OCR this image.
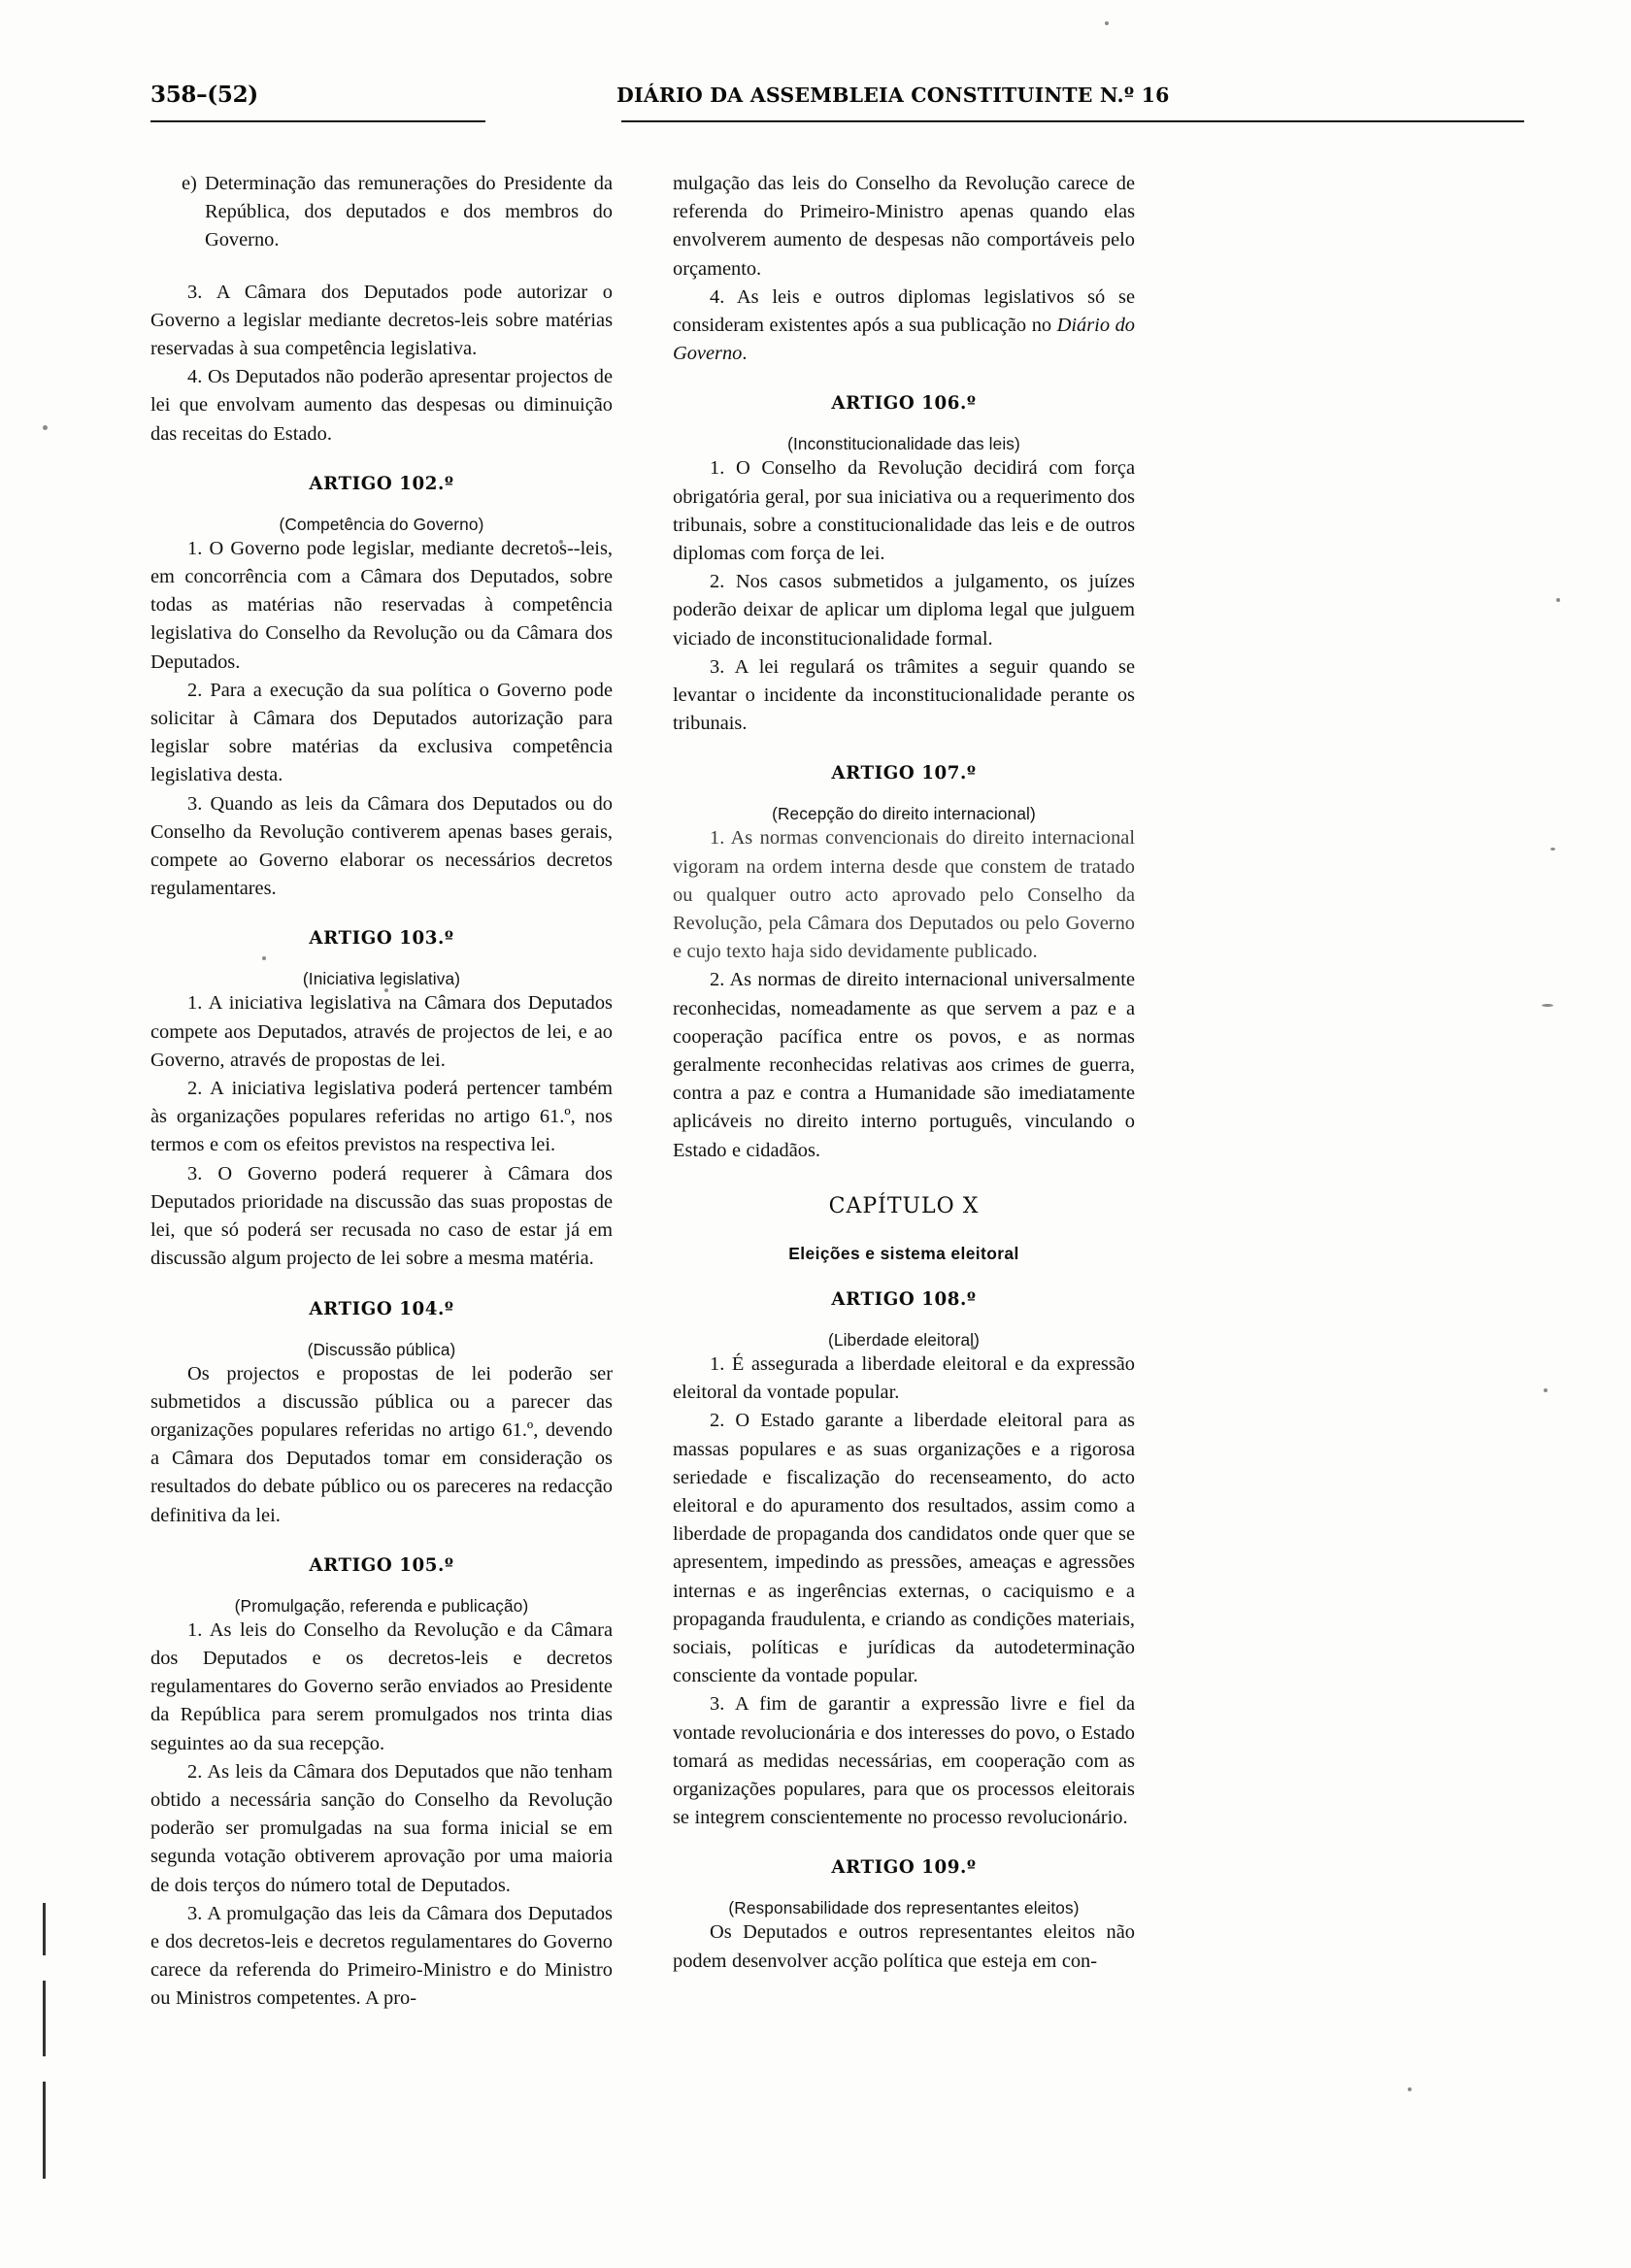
358–(52)	DIÁRIO DA ASSEMBLEIA CONSTITUINTE N.º 16

e) Determinação das remunerações do Presidente da República, dos deputados e dos membros do Governo.

3. A Câmara dos Deputados pode autorizar o Governo a legislar mediante decretos-leis sobre matérias reservadas à sua competência legislativa.

4. Os Deputados não poderão apresentar projectos de lei que envolvam aumento das despesas ou diminuição das receitas do Estado.

ARTIGO 102.º
(Competência do Governo)

1. O Governo pode legislar, mediante decretos--leis, em concorrência com a Câmara dos Deputados, sobre todas as matérias não reservadas à competência legislativa do Conselho da Revolução ou da Câmara dos Deputados.

2. Para a execução da sua política o Governo pode solicitar à Câmara dos Deputados autorização para legislar sobre matérias da exclusiva competência legislativa desta.

3. Quando as leis da Câmara dos Deputados ou do Conselho da Revolução contiverem apenas bases gerais, compete ao Governo elaborar os necessários decretos regulamentares.

ARTIGO 103.º
(Iniciativa legislativa)

1. A iniciativa legislativa na Câmara dos Deputados compete aos Deputados, através de projectos de lei, e ao Governo, através de propostas de lei.

2. A iniciativa legislativa poderá pertencer também às organizações populares referidas no artigo 61.º, nos termos e com os efeitos previstos na respectiva lei.

3. O Governo poderá requerer à Câmara dos Deputados prioridade na discussão das suas propostas de lei, que só poderá ser recusada no caso de estar já em discussão algum projecto de lei sobre a mesma matéria.

ARTIGO 104.º
(Discussão pública)

Os projectos e propostas de lei poderão ser submetidos a discussão pública ou a parecer das organizações populares referidas no artigo 61.º, devendo a Câmara dos Deputados tomar em consideração os resultados do debate público ou os pareceres na redacção definitiva da lei.

ARTIGO 105.º
(Promulgação, referenda e publicação)

1. As leis do Conselho da Revolução e da Câmara dos Deputados e os decretos-leis e decretos regulamentares do Governo serão enviados ao Presidente da República para serem promulgados nos trinta dias seguintes ao da sua recepção.

2. As leis da Câmara dos Deputados que não tenham obtido a necessária sanção do Conselho da Revolução poderão ser promulgadas na sua forma inicial se em segunda votação obtiverem aprovação por uma maioria de dois terços do número total de Deputados.

3. A promulgação das leis da Câmara dos Deputados e dos decretos-leis e decretos regulamentares do Governo carece da referenda do Primeiro-Ministro e do Ministro ou Ministros competentes. A pro-

mulgação das leis do Conselho da Revolução carece de referenda do Primeiro-Ministro apenas quando elas envolverem aumento de despesas não comportáveis pelo orçamento.

4. As leis e outros diplomas legislativos só se consideram existentes após a sua publicação no Diário do Governo.

ARTIGO 106.º
(Inconstitucionalidade das leis)

1. O Conselho da Revolução decidirá com força obrigatória geral, por sua iniciativa ou a requerimento dos tribunais, sobre a constitucionalidade das leis e de outros diplomas com força de lei.

2. Nos casos submetidos a julgamento, os juízes poderão deixar de aplicar um diploma legal que julguem viciado de inconstitucionalidade formal.

3. A lei regulará os trâmites a seguir quando se levantar o incidente da inconstitucionalidade perante os tribunais.

ARTIGO 107.º
(Recepção do direito internacional)

1. As normas convencionais do direito internacional vigoram na ordem interna desde que constem de tratado ou qualquer outro acto aprovado pelo Conselho da Revolução, pela Câmara dos Deputados ou pelo Governo e cujo texto haja sido devidamente publicado.

2. As normas de direito internacional universalmente reconhecidas, nomeadamente as que servem a paz e a cooperação pacífica entre os povos, e as normas geralmente reconhecidas relativas aos crimes de guerra, contra a paz e contra a Humanidade são imediatamente aplicáveis no direito interno português, vinculando o Estado e cidadãos.

CAPÍTULO X
Eleições e sistema eleitoral
ARTIGO 108.º
(Liberdade eleitoral)

1. É assegurada a liberdade eleitoral e da expressão eleitoral da vontade popular.

2. O Estado garante a liberdade eleitoral para as massas populares e as suas organizações e a rigorosa seriedade e fiscalização do recenseamento, do acto eleitoral e do apuramento dos resultados, assim como a liberdade de propaganda dos candidatos onde quer que se apresentem, impedindo as pressões, ameaças e agressões internas e as ingerências externas, o caciquismo e a propaganda fraudulenta, e criando as condições materiais, sociais, políticas e jurídicas da autodeterminação consciente da vontade popular.

3. A fim de garantir a expressão livre e fiel da vontade revolucionária e dos interesses do povo, o Estado tomará as medidas necessárias, em cooperação com as organizações populares, para que os processos eleitorais se integrem conscientemente no processo revolucionário.

ARTIGO 109.º
(Responsabilidade dos representantes eleitos)

Os Deputados e outros representantes eleitos não podem desenvolver acção política que esteja em con-
